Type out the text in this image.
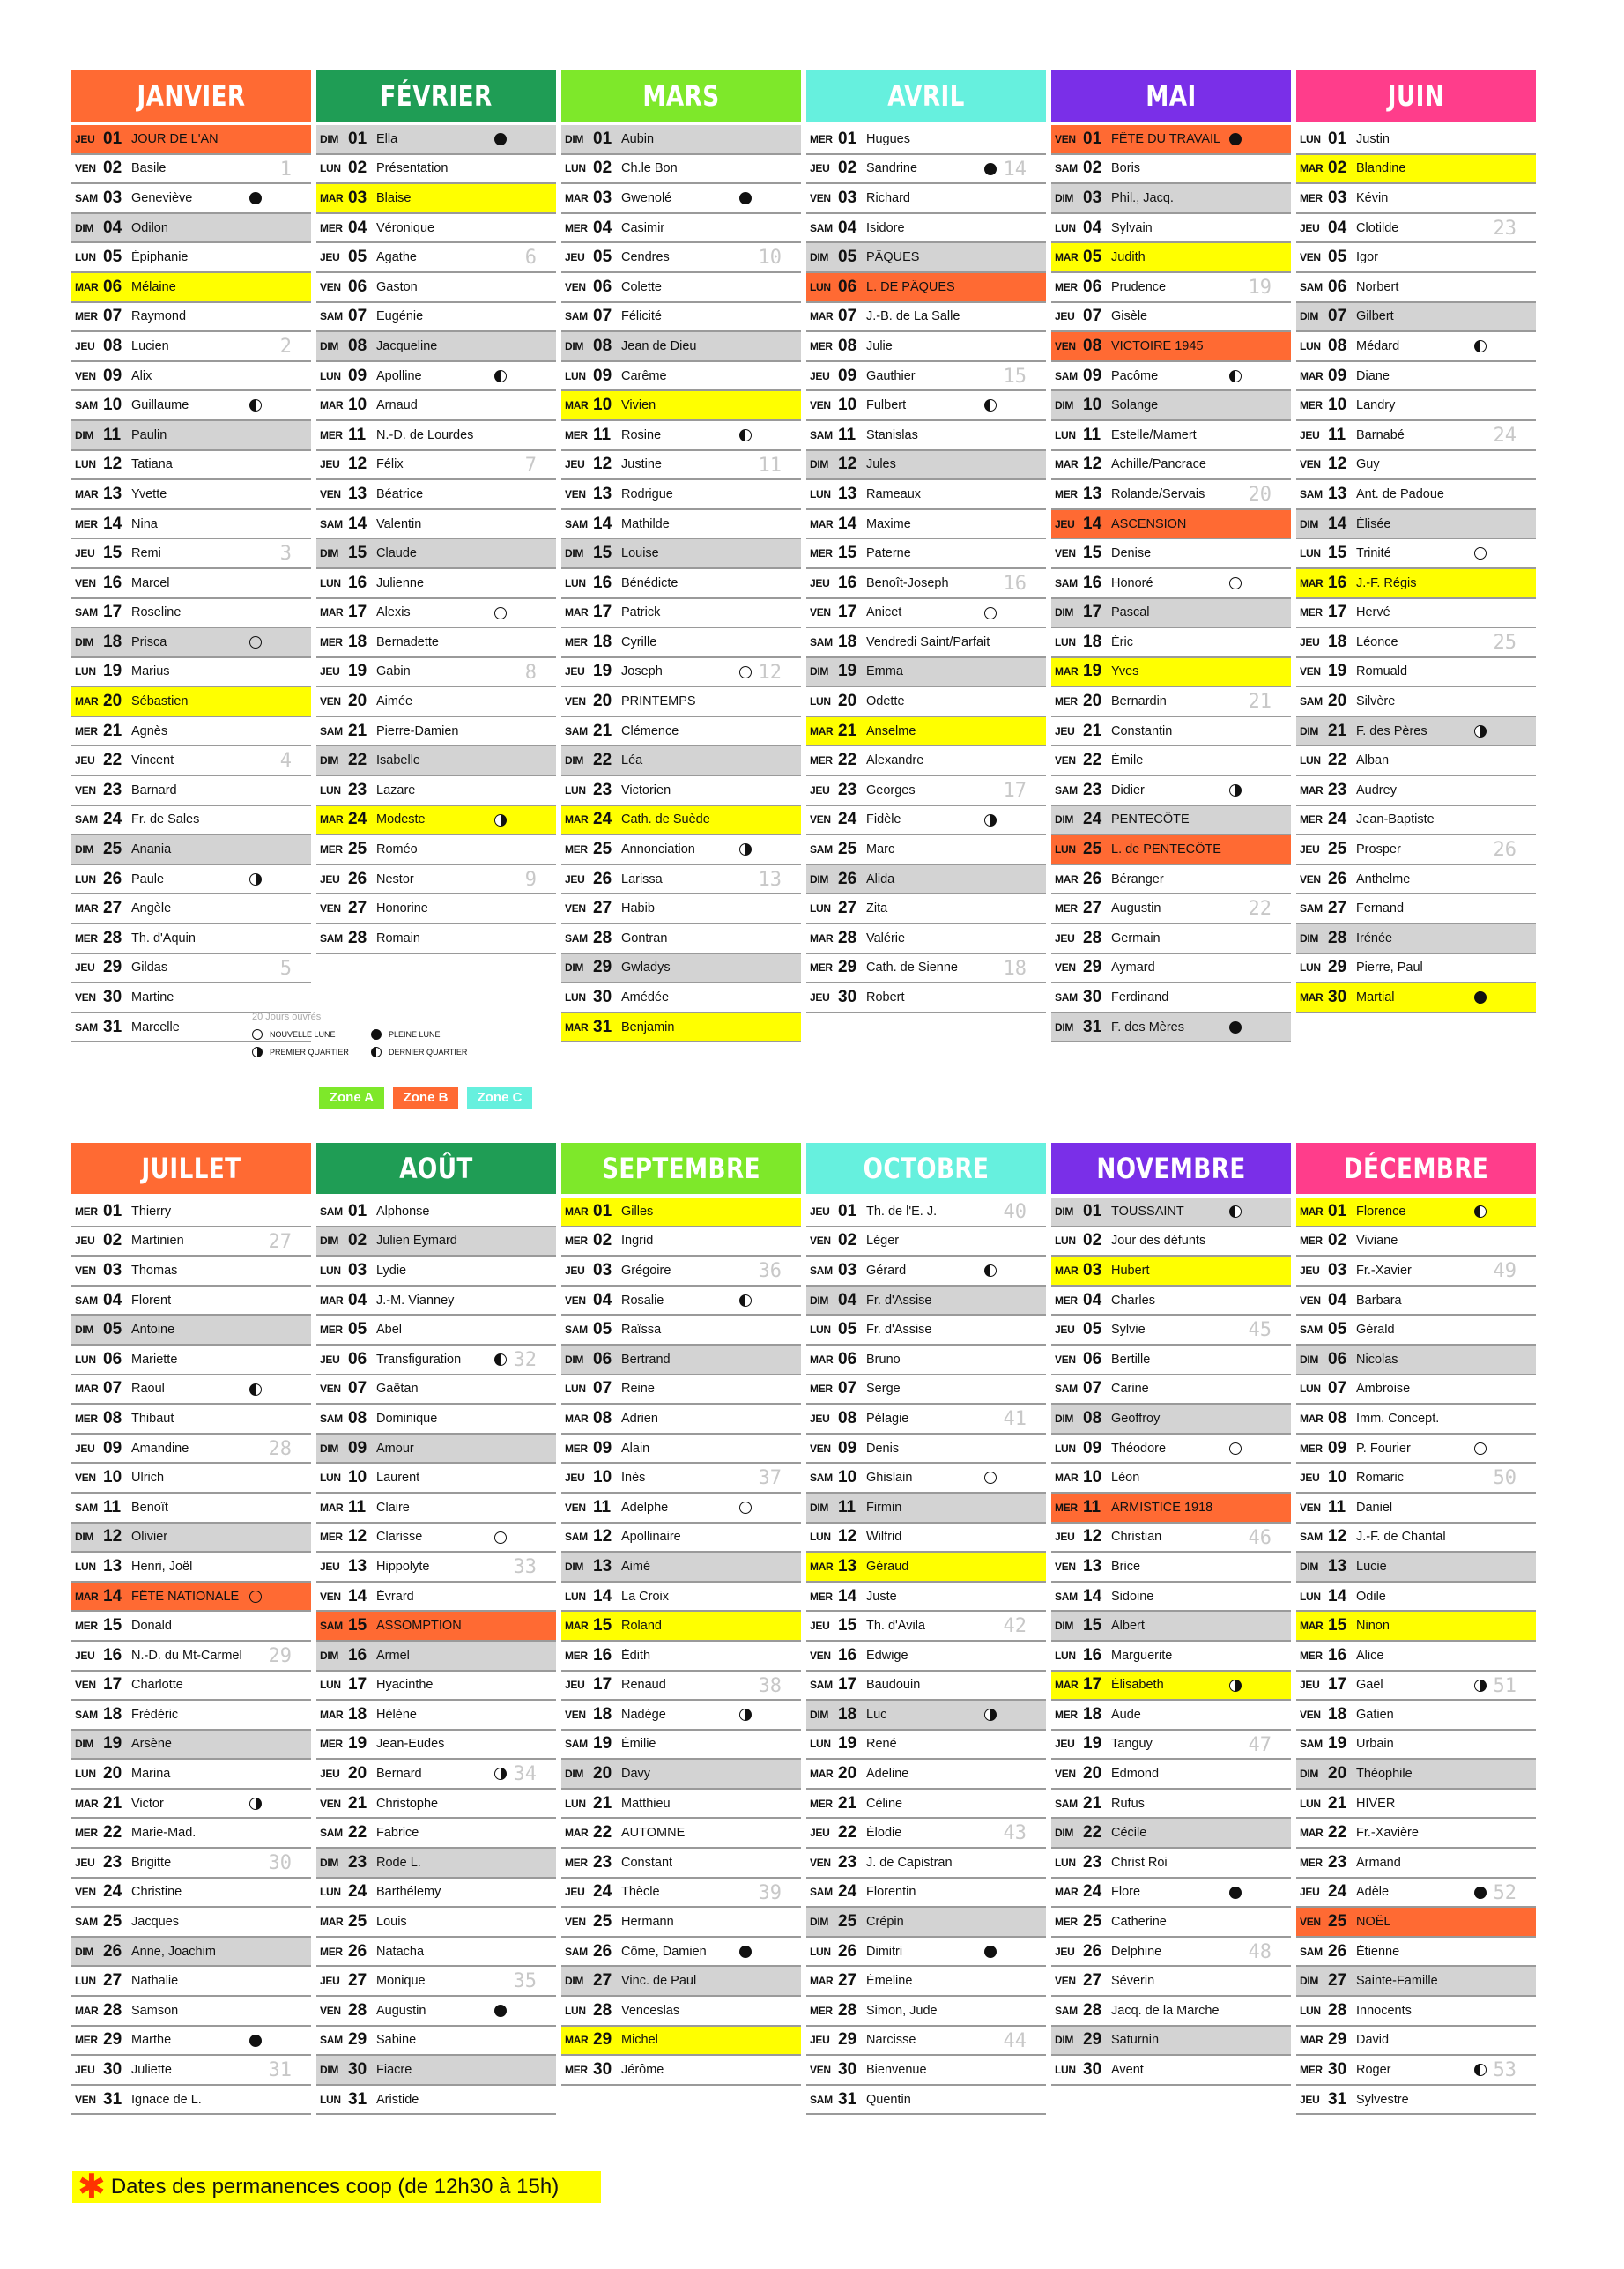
JANVIER
JEU 01 JOUR DE L'AN
VEN 02 Basile	1
SAM 03 Geneviève
DIM 04 Odilon
LUN 05 Épiphanie
MAR 06 Mélaine
MER 07 Raymond
JEU 08 Lucien	2
VEN 09 Alix
SAM 10 Guillaume
DIM 11 Paulin
LUN 12 Tatiana
MAR 13 Yvette
MER 14 Nina
JEU 15 Remi	3
VEN 16 Marcel
SAM 17 Roseline
DIM 18 Prisca
LUN 19 Marius
MAR 20 Sébastien
MER 21 Agnès
JEU 22 Vincent	4
VEN 23 Barnard
SAM 24 Fr. de Sales
DIM 25 Anania
LUN 26 Paule
MAR 27 Angèle
MER 28 Th. d'Aquin
JEU 29 Gildas	5
VEN 30 Martine
SAM 31 Marcelle
FÉVRIER
DIM 01 Ella
LUN 02 Présentation
MAR 03 Blaise
MER 04 Véronique
JEU 05 Agathe	6
VEN 06 Gaston
SAM 07 Eugénie
DIM 08 Jacqueline
LUN 09 Apolline
MAR 10 Arnaud
MER 11 N.-D. de Lourdes
JEU 12 Félix	7
VEN 13 Béatrice
SAM 14 Valentin
DIM 15 Claude
LUN 16 Julienne
MAR 17 Alexis
MER 18 Bernadette
JEU 19 Gabin	8
VEN 20 Aimée
SAM 21 Pierre-Damien
DIM 22 Isabelle
LUN 23 Lazare
MAR 24 Modeste
MER 25 Roméo
JEU 26 Nestor	9
VEN 27 Honorine
SAM 28 Romain
MARS
DIM 01 Aubin
LUN 02 Ch.le Bon
MAR 03 Gwenolé
MER 04 Casimir
JEU 05 Cendres	10
VEN 06 Colette
SAM 07 Félicité
DIM 08 Jean de Dieu
LUN 09 Carême
MAR 10 Vivien
MER 11 Rosine
JEU 12 Justine	11
VEN 13 Rodrigue
SAM 14 Mathilde
DIM 15 Louise
LUN 16 Bénédicte
MAR 17 Patrick
MER 18 Cyrille
JEU 19 Joseph	12
VEN 20 PRINTEMPS
SAM 21 Clémence
DIM 22 Léa
LUN 23 Victorien
MAR 24 Cath. de Suède
MER 25 Annonciation
JEU 26 Larissa	13
VEN 27 Habib
SAM 28 Gontran
DIM 29 Gwladys
LUN 30 Amédée
MAR 31 Benjamin
AVRIL
MER 01 Hugues
JEU 02 Sandrine	14
VEN 03 Richard
SAM 04 Isidore
DIM 05 PÂQUES
LUN 06 L. DE PÂQUES
MAR 07 J.-B. de La Salle
MER 08 Julie
JEU 09 Gauthier	15
VEN 10 Fulbert
SAM 11 Stanislas
DIM 12 Jules
LUN 13 Rameaux
MAR 14 Maxime
MER 15 Paterne
JEU 16 Benoît-Joseph	16
VEN 17 Anicet
SAM 18 Vendredi Saint/Parfait
DIM 19 Emma
LUN 20 Odette
MAR 21 Anselme
MER 22 Alexandre
JEU 23 Georges	17
VEN 24 Fidèle
SAM 25 Marc
DIM 26 Alida
LUN 27 Zita
MAR 28 Valérie
MER 29 Cath. de Sienne	18
JEU 30 Robert
MAI
VEN 01 FÊTE DU TRAVAIL
SAM 02 Boris
DIM 03 Phil., Jacq.
LUN 04 Sylvain
MAR 05 Judith
MER 06 Prudence	19
JEU 07 Gisèle
VEN 08 VICTOIRE 1945
SAM 09 Pacôme
DIM 10 Solange
LUN 11 Estelle/Mamert
MAR 12 Achille/Pancrace
MER 13 Rolande/Servais	20
JEU 14 ASCENSION
VEN 15 Denise
SAM 16 Honoré
DIM 17 Pascal
LUN 18 Éric
MAR 19 Yves
MER 20 Bernardin	21
JEU 21 Constantin
VEN 22 Émile
SAM 23 Didier
DIM 24 PENTECÔTE
LUN 25 L. de PENTECÔTE
MAR 26 Béranger
MER 27 Augustin	22
JEU 28 Germain
VEN 29 Aymard
SAM 30 Ferdinand
DIM 31 F. des Mères
JUIN
LUN 01 Justin
MAR 02 Blandine
MER 03 Kévin
JEU 04 Clotilde	23
VEN 05 Igor
SAM 06 Norbert
DIM 07 Gilbert
LUN 08 Médard
MAR 09 Diane
MER 10 Landry
JEU 11 Barnabé	24
VEN 12 Guy
SAM 13 Ant. de Padoue
DIM 14 Élisée
LUN 15 Trinité
MAR 16 J.-F. Régis
MER 17 Hervé
JEU 18 Léonce	25
VEN 19 Romuald
SAM 20 Silvère
DIM 21 F. des Pères
LUN 22 Alban
MAR 23 Audrey
MER 24 Jean-Baptiste
JEU 25 Prosper	26
VEN 26 Anthelme
SAM 27 Fernand
DIM 28 Irénée
LUN 29 Pierre, Paul
MAR 30 Martial
JUILLET
MER 01 Thierry
JEU 02 Martinien	27
VEN 03 Thomas
SAM 04 Florent
DIM 05 Antoine
LUN 06 Mariette
MAR 07 Raoul
MER 08 Thibaut
JEU 09 Amandine	28
VEN 10 Ulrich
SAM 11 Benoît
DIM 12 Olivier
LUN 13 Henri, Joël
MAR 14 FÊTE NATIONALE
MER 15 Donald
JEU 16 N.-D. du Mt-Carmel	29
VEN 17 Charlotte
SAM 18 Frédéric
DIM 19 Arsène
LUN 20 Marina
MAR 21 Victor
MER 22 Marie-Mad.
JEU 23 Brigitte	30
VEN 24 Christine
SAM 25 Jacques
DIM 26 Anne, Joachim
LUN 27 Nathalie
MAR 28 Samson
MER 29 Marthe
JEU 30 Juliette	31
VEN 31 Ignace de L.
AOÛT
SAM 01 Alphonse
DIM 02 Julien Eymard
LUN 03 Lydie
MAR 04 J.-M. Vianney
MER 05 Abel
JEU 06 Transfiguration	32
VEN 07 Gaëtan
SAM 08 Dominique
DIM 09 Amour
LUN 10 Laurent
MAR 11 Claire
MER 12 Clarisse
JEU 13 Hippolyte	33
VEN 14 Évrard
SAM 15 ASSOMPTION
DIM 16 Armel
LUN 17 Hyacinthe
MAR 18 Hélène
MER 19 Jean-Eudes
JEU 20 Bernard	34
VEN 21 Christophe
SAM 22 Fabrice
DIM 23 Rode L.
LUN 24 Barthélemy
MAR 25 Louis
MER 26 Natacha
JEU 27 Monique	35
VEN 28 Augustin
SAM 29 Sabine
DIM 30 Fiacre
LUN 31 Aristide
SEPTEMBRE
MAR 01 Gilles
MER 02 Ingrid
JEU 03 Grégoire	36
VEN 04 Rosalie
SAM 05 Raïssa
DIM 06 Bertrand
LUN 07 Reine
MAR 08 Adrien
MER 09 Alain
JEU 10 Inès	37
VEN 11 Adelphe
SAM 12 Apollinaire
DIM 13 Aimé
LUN 14 La Croix
MAR 15 Roland
MER 16 Édith
JEU 17 Renaud	38
VEN 18 Nadège
SAM 19 Émilie
DIM 20 Davy
LUN 21 Matthieu
MAR 22 AUTOMNE
MER 23 Constant
JEU 24 Thècle	39
VEN 25 Hermann
SAM 26 Côme, Damien
DIM 27 Vinc. de Paul
LUN 28 Venceslas
MAR 29 Michel
MER 30 Jérôme
OCTOBRE
JEU 01 Th. de l'E. J.	40
VEN 02 Léger
SAM 03 Gérard
DIM 04 Fr. d'Assise
LUN 05 Fr. d'Assise
MAR 06 Bruno
MER 07 Serge
JEU 08 Pélagie	41
VEN 09 Denis
SAM 10 Ghislain
DIM 11 Firmin
LUN 12 Wilfrid
MAR 13 Géraud
MER 14 Juste
JEU 15 Th. d'Avila	42
VEN 16 Edwige
SAM 17 Baudouin
DIM 18 Luc
LUN 19 René
MAR 20 Adeline
MER 21 Céline
JEU 22 Élodie	43
VEN 23 J. de Capistran
SAM 24 Florentin
DIM 25 Crépin
LUN 26 Dimitri
MAR 27 Émeline
MER 28 Simon, Jude
JEU 29 Narcisse	44
VEN 30 Bienvenue
SAM 31 Quentin
NOVEMBRE
DIM 01 TOUSSAINT
LUN 02 Jour des défunts
MAR 03 Hubert
MER 04 Charles
JEU 05 Sylvie	45
VEN 06 Bertille
SAM 07 Carine
DIM 08 Geoffroy
LUN 09 Théodore
MAR 10 Léon
MER 11 ARMISTICE 1918
JEU 12 Christian	46
VEN 13 Brice
SAM 14 Sidoine
DIM 15 Albert
LUN 16 Marguerite
MAR 17 Élisabeth
MER 18 Aude
JEU 19 Tanguy	47
VEN 20 Edmond
SAM 21 Rufus
DIM 22 Cécile
LUN 23 Christ Roi
MAR 24 Flore
MER 25 Catherine
JEU 26 Delphine	48
VEN 27 Séverin
SAM 28 Jacq. de la Marche
DIM 29 Saturnin
LUN 30 Avent
DÉCEMBRE
MAR 01 Florence
MER 02 Viviane
JEU 03 Fr.-Xavier	49
VEN 04 Barbara
SAM 05 Gérald
DIM 06 Nicolas
LUN 07 Ambroise
MAR 08 Imm. Concept.
MER 09 P. Fourier
JEU 10 Romaric	50
VEN 11 Daniel
SAM 12 J.-F. de Chantal
DIM 13 Lucie
LUN 14 Odile
MAR 15 Ninon
MER 16 Alice
JEU 17 Gaël	51
VEN 18 Gatien
SAM 19 Urbain
DIM 20 Théophile
LUN 21 HIVER
MAR 22 Fr.-Xavière
MER 23 Armand
JEU 24 Adèle	52
VEN 25 NOËL
SAM 26 Étienne
DIM 27 Sainte-Famille
LUN 28 Innocents
MAR 29 David
MER 30 Roger	53
JEU 31 Sylvestre
20 Jours ouvrés
NOUVELLE LUNE	PLEINE LUNE
PREMIER QUARTIER	DERNIER QUARTIER
Zone A	Zone B	Zone C
✱ Dates des permanences coop (de 12h30 à 15h)
